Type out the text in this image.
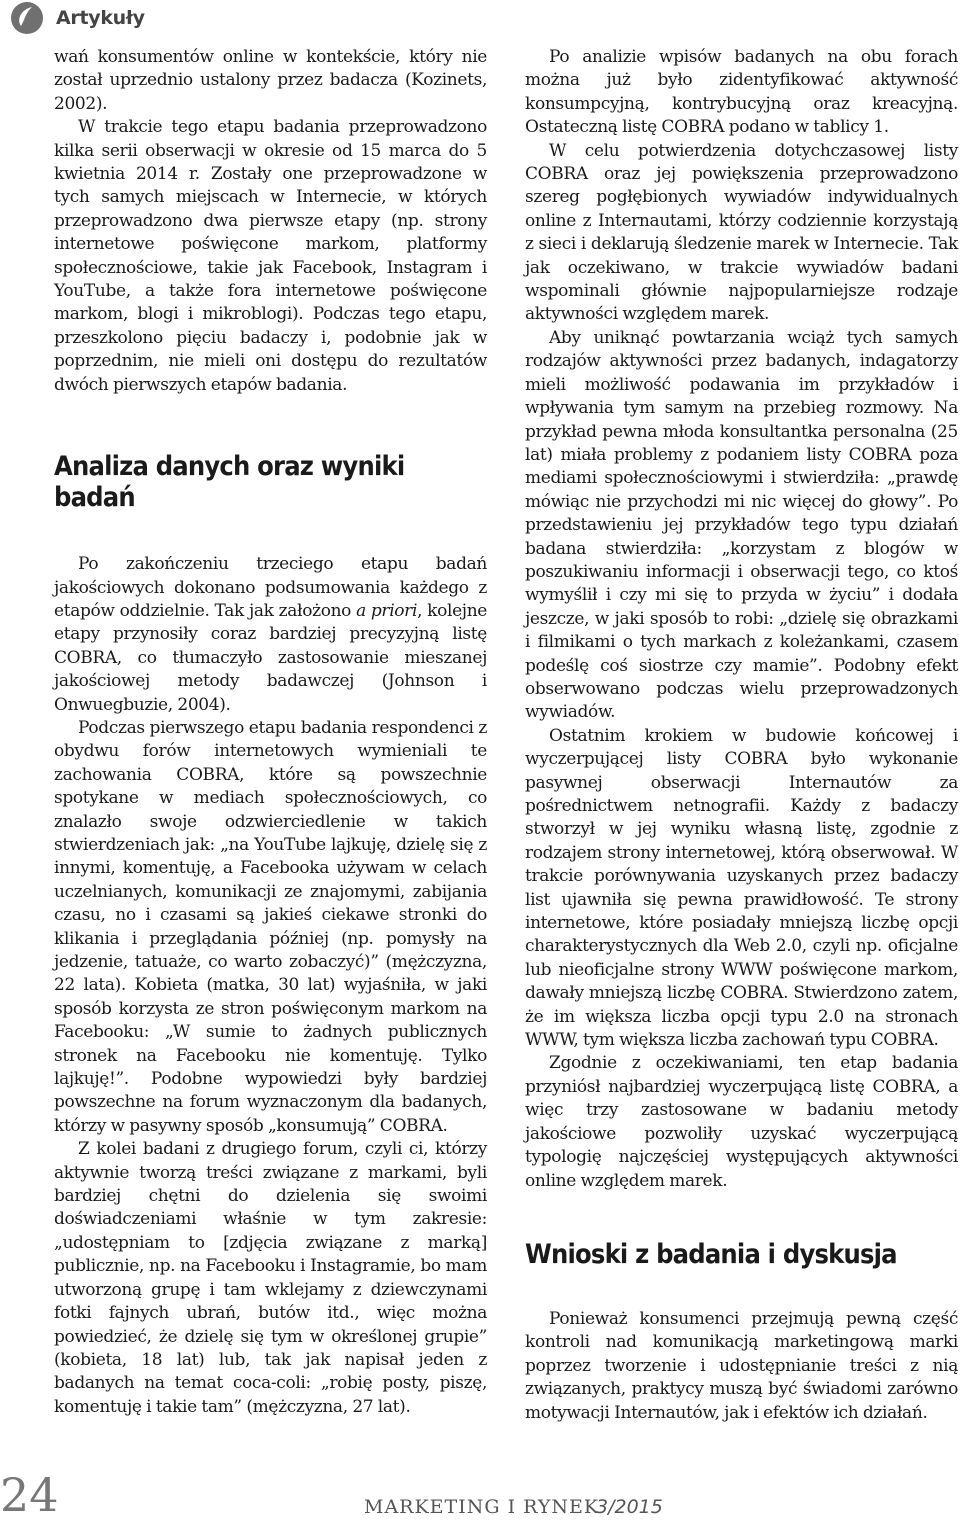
Artykuły

wań konsumentów online w kontekście, który nie został uprzednio ustalony przez badacza (Kozinets, 2002).

W trakcie tego etapu badania przeprowadzono kilka serii obserwacji w okresie od 15 marca do 5 kwietnia 2014 r. Zostały one przeprowadzone w tych samych miejscach w Internecie, w których przeprowadzono dwa pierwsze etapy (np. strony internetowe poświęcone markom, platformy społecznościowe, takie jak Facebook, Instagram i YouTube, a także fora internetowe poświęcone markom, blogi i mikroblogi). Podczas tego etapu, przeszkolono pięciu badaczy i, podobnie jak w poprzednim, nie mieli oni dostępu do rezultatów dwóch pierwszych etapów badania.

Analiza danych oraz wyniki badań

Po zakończeniu trzeciego etapu badań jakościowych dokonano podsumowania każdego z etapów oddzielnie. Tak jak założono a priori, kolejne etapy przynosiły coraz bardziej precyzyjną listę COBRA, co tłumaczyło zastosowanie mieszanej jakościowej metody badawczej (Johnson i Onwuegbuzie, 2004).

Podczas pierwszego etapu badania respondenci z obydwu forów internetowych wymieniali te zachowania COBRA, które są powszechnie spotykane w mediach społecznościowych, co znalazło swoje odzwierciedlenie w takich stwierdzeniach jak: „na YouTube lajkuję, dzielę się z innymi, komentuję, a Facebooka używam w celach uczelnianych, komunikacji ze znajomymi, zabijania czasu, no i czasami są jakieś ciekawe stronki do klikania i przeglądania później (np. pomysły na jedzenie, tatuaże, co warto zobaczyć)” (mężczyzna, 22 lata). Kobieta (matka, 30 lat) wyjaśniła, w jaki sposób korzysta ze stron poświęconym markom na Facebooku: „W sumie to żadnych publicznych stronek na Facebooku nie komentuję. Tylko lajkuję!”. Podobne wypowiedzi były bardziej powszechne na forum wyznaczonym dla badanych, którzy w pasywny sposób „konsumują” COBRA.

Z kolei badani z drugiego forum, czyli ci, którzy aktywnie tworzą treści związane z markami, byli bardziej chętni do dzielenia się swoimi doświadczeniami właśnie w tym zakresie: „udostępniam to [zdjęcia związane z marką] publicznie, np. na Facebooku i Instagramie, bo mam utworzoną grupę i tam wklejamy z dziewczynami fotki fajnych ubrań, butów itd., więc można powiedzieć, że dzielę się tym w określonej grupie” (kobieta, 18 lat) lub, tak jak napisał jeden z badanych na temat coca-coli: „robię posty, piszę, komentuję i takie tam” (mężczyzna, 27 lat).

Po analizie wpisów badanych na obu forach można już było zidentyfikować aktywność konsumpcyjną, kontrybucyjną oraz kreacyjną. Ostateczną listę COBRA podano w tablicy 1.

W celu potwierdzenia dotychczasowej listy COBRA oraz jej powiększenia przeprowadzono szereg pogłębionych wywiadów indywidualnych online z Internautami, którzy codziennie korzystają z sieci i deklarują śledzenie marek w Internecie. Tak jak oczekiwano, w trakcie wywiadów badani wspominali głównie najpopularniejsze rodzaje aktywności względem marek.

Aby uniknąć powtarzania wciąż tych samych rodzajów aktywności przez badanych, indagatorzy mieli możliwość podawania im przykładów i wpływania tym samym na przebieg rozmowy. Na przykład pewna młoda konsultantka personalna (25 lat) miała problemy z podaniem listy COBRA poza mediami społecznościowymi i stwierdziła: „prawdę mówiąc nie przychodzi mi nic więcej do głowy”. Po przedstawieniu jej przykładów tego typu działań badana stwierdziła: „korzystam z blogów w poszukiwaniu informacji i obserwacji tego, co ktoś wymyślił i czy mi się to przyda w życiu” i dodała jeszcze, w jaki sposób to robi: „dzielę się obrazkami i filmikami o tych markach z koleżankami, czasem podeślę coś siostrze czy mamie”. Podobny efekt obserwowano podczas wielu przeprowadzonych wywiadów.

Ostatnim krokiem w budowie końcowej i wyczerpującej listy COBRA było wykonanie pasywnej obserwacji Internautów za pośrednictwem netnografii. Każdy z badaczy stworzył w jej wyniku własną listę, zgodnie z rodzajem strony internetowej, którą obserwował. W trakcie porównywania uzyskanych przez badaczy list ujawniła się pewna prawidłowość. Te strony internetowe, które posiadały mniejszą liczbę opcji charakterystycznych dla Web 2.0, czyli np. oficjalne lub nieoficjalne strony WWW poświęcone markom, dawały mniejszą liczbę COBRA. Stwierdzono zatem, że im większa liczba opcji typu 2.0 na stronach WWW, tym większa liczba zachowań typu COBRA.

Zgodnie z oczekiwaniami, ten etap badania przyniósł najbardziej wyczerpującą listę COBRA, a więc trzy zastosowane w badaniu metody jakościowe pozwoliły uzyskać wyczerpującą typologię najczęściej występujących aktywności online względem marek.

Wnioski z badania i dyskusja

Ponieważ konsumenci przejmują pewną część kontroli nad komunikacją marketingową marki poprzez tworzenie i udostępnianie treści z nią związanych, praktycy muszą być świadomi zarówno motywacji Internautów, jak i efektów ich działań.

24	MARKETING I RYNEK
3/2015
